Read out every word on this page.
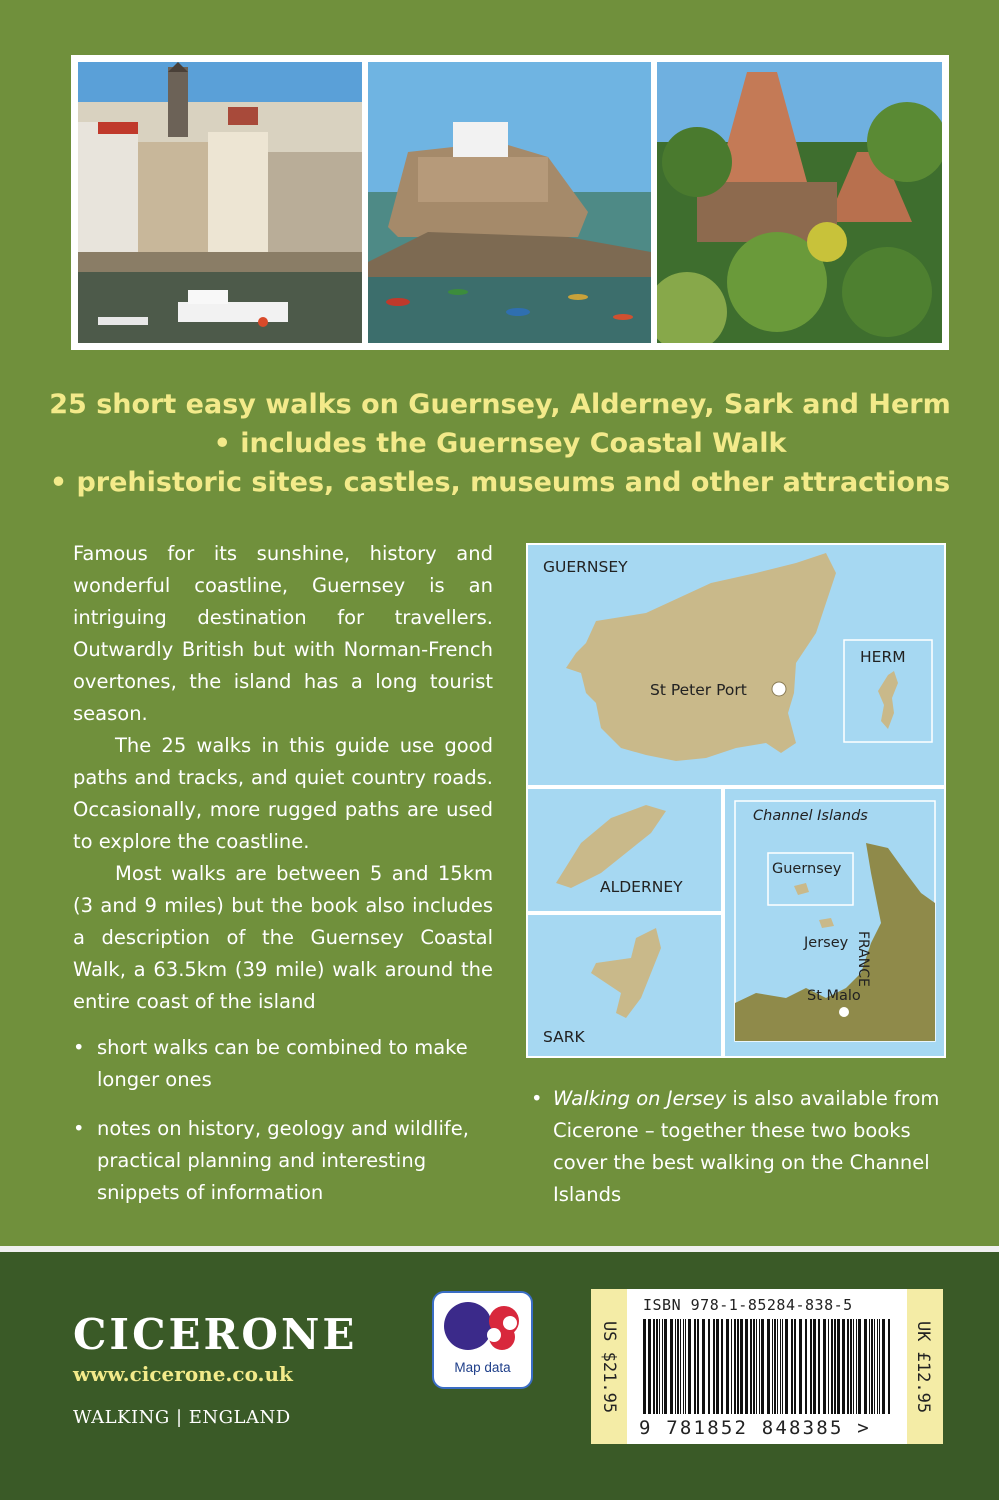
25 short easy walks on Guernsey, Alderney, Sark and Herm
• includes the Guernsey Coastal Walk
• prehistoric sites, castles, museums and other attractions

Famous for its sunshine, history and wonderful coastline, Guernsey is an intriguing destination for travellers. Outwardly British but with Norman-French overtones, the island has a long tourist season.

The 25 walks in this guide use good paths and tracks, and quiet country roads. Occasionally, more rugged paths are used to explore the coastline.

Most walks are between 5 and 15km (3 and 9 miles) but the book also includes a description of the Guernsey Coastal Walk, a 63.5km (39 mile) walk around the entire coast of the island

• short walks can be combined to make longer ones
• notes on history, geology and wildlife, practical planning and interesting snippets of information
GUERNSEY
St Peter Port
HERM
ALDERNEY
SARK
Channel Islands
Guernsey
Jersey
St Malo
FRANCE
• Walking on Jersey is also available from Cicerone – together these two books cover the best walking on the Channel Islands
CICERONE
www.cicerone.co.uk
WALKING | ENGLAND
Map data	US $21.95	UK £12.95
ISBN 978-1-85284-838-5
9 781852 848385 >
